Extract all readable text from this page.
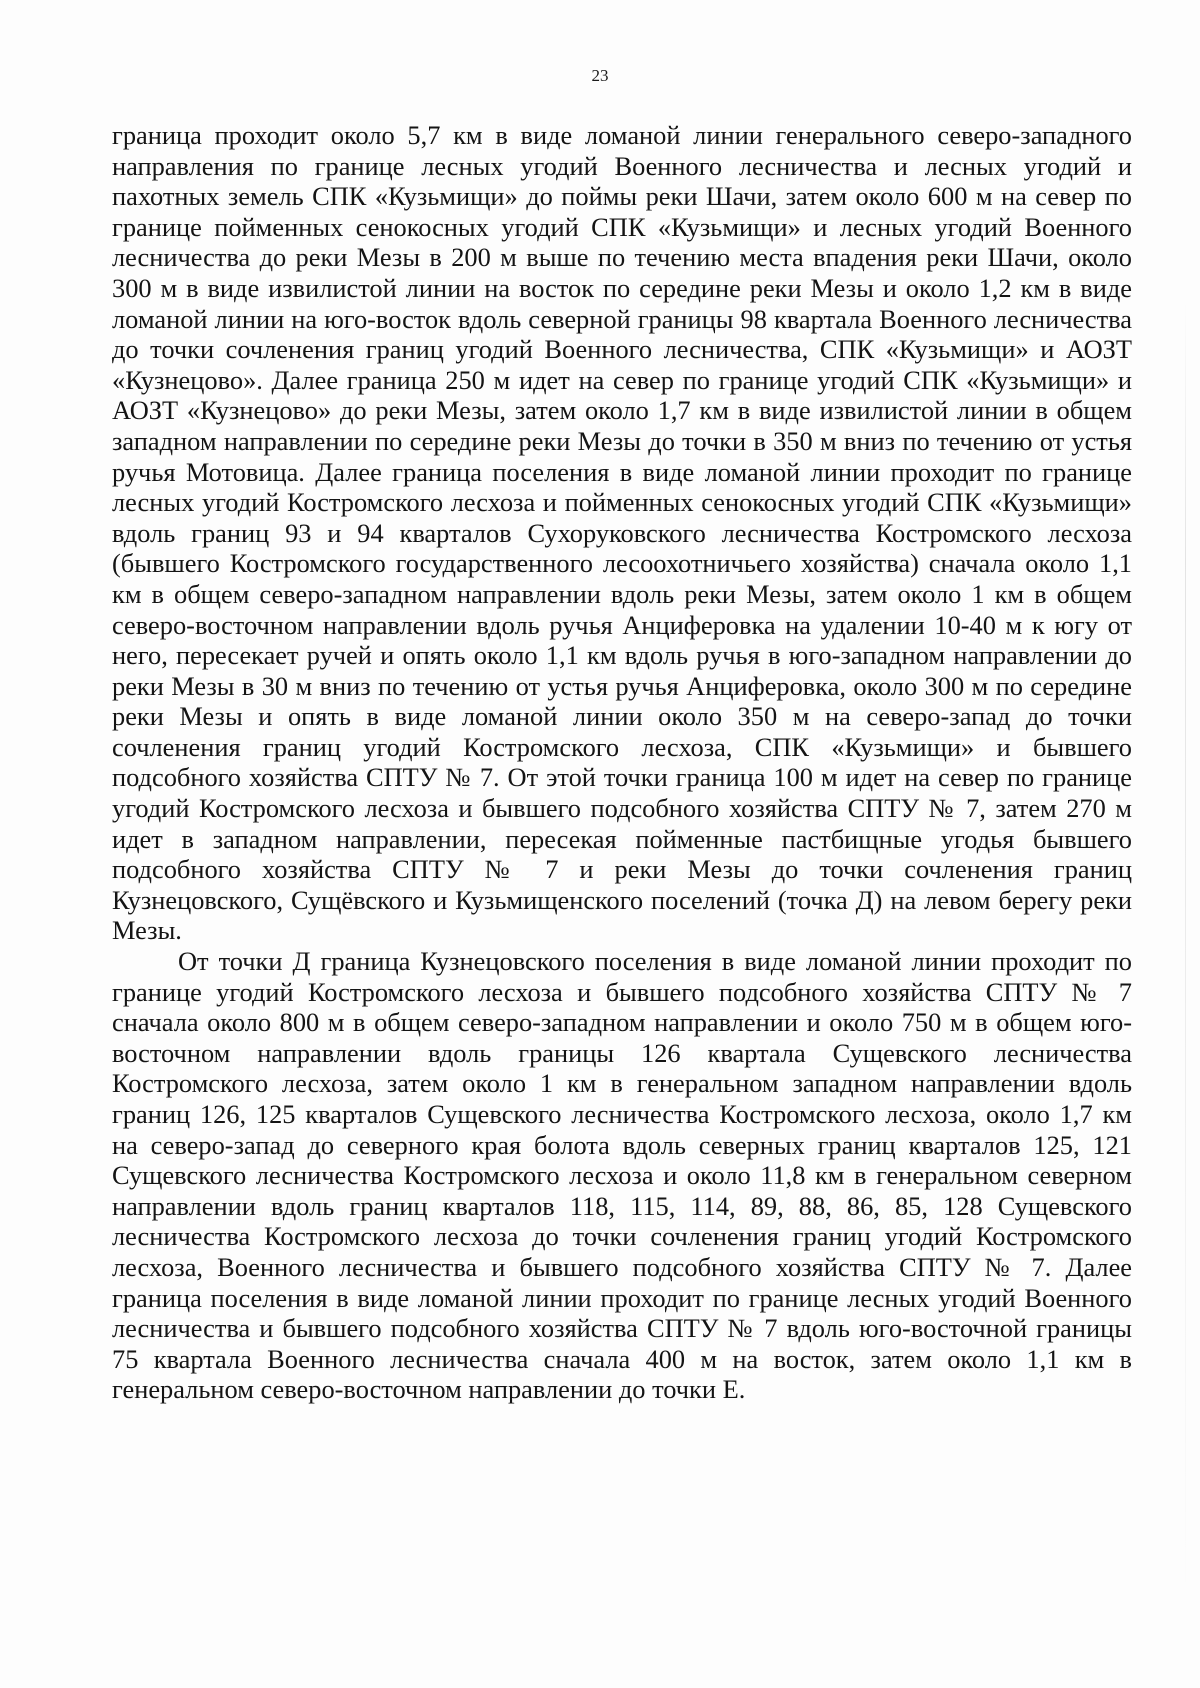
23

граница проходит около 5,7 км в виде ломаной линии генерального северо-западного направления по границе лесных угодий Военного лесничества и лесных угодий и пахотных земель СПК «Кузьмищи» до поймы реки Шачи, затем около 600 м на север по границе пойменных сенокосных угодий СПК «Кузьмищи» и лесных угодий Военного лесничества до реки Мезы в 200 м выше по течению места впадения реки Шачи, около 300 м в виде извилистой линии на восток по середине реки Мезы и около 1,2 км в виде ломаной линии на юго-восток вдоль северной границы 98 квартала Военного лесничества до точки сочленения границ угодий Военного лесничества, СПК «Кузьмищи» и АОЗТ «Кузнецово». Далее граница 250 м идет на север по границе угодий СПК «Кузьмищи» и АОЗТ «Кузнецово» до реки Мезы, затем около 1,7 км в виде извилистой линии в общем западном направлении по середине реки Мезы до точки в 350 м вниз по течению от устья ручья Мотовица. Далее граница поселения в виде ломаной линии проходит по границе лесных угодий Костромского лесхоза и пойменных сенокосных угодий СПК «Кузьмищи» вдоль границ 93 и 94 кварталов Сухоруковского лесничества Костромского лесхоза (бывшего Костромского государственного лесоохотничьего хозяйства) сначала около 1,1 км в общем северо-западном направлении вдоль реки Мезы, затем около 1 км в общем северо-восточном направлении вдоль ручья Анциферовка на удалении 10-40 м к югу от него, пересекает ручей и опять около 1,1 км вдоль ручья в юго-западном направлении до реки Мезы в 30 м вниз по течению от устья ручья Анциферовка, около 300 м по середине реки Мезы и опять в виде ломаной линии около 350 м на северо-запад до точки сочленения границ угодий Костромского лесхоза, СПК «Кузьмищи» и бывшего подсобного хозяйства СПТУ № 7. От этой точки граница 100 м идет на север по границе угодий Костромского лесхоза и бывшего подсобного хозяйства СПТУ № 7, затем 270 м идет в западном направлении, пересекая пойменные пастбищные угодья бывшего подсобного хозяйства СПТУ № 7 и реки Мезы до точки сочленения границ Кузнецовского, Сущёвского и Кузьмищенского поселений (точка Д) на левом берегу реки Мезы.

От точки Д граница Кузнецовского поселения в виде ломаной линии проходит по границе угодий Костромского лесхоза и бывшего подсобного хозяйства СПТУ № 7 сначала около 800 м в общем северо-западном направлении и около 750 м в общем юго-восточном направлении вдоль границы 126 квартала Сущевского лесничества Костромского лесхоза, затем около 1 км в генеральном западном направлении вдоль границ 126, 125 кварталов Сущевского лесничества Костромского лесхоза, около 1,7 км на северо-запад до северного края болота вдоль северных границ кварталов 125, 121 Сущевского лесничества Костромского лесхоза и около 11,8 км в генеральном северном направлении вдоль границ кварталов 118, 115, 114, 89, 88, 86, 85, 128 Сущевского лесничества Костромского лесхоза до точки сочленения границ угодий Костромского лесхоза, Военного лесничества и бывшего подсобного хозяйства СПТУ № 7. Далее граница поселения в виде ломаной линии проходит по границе лесных угодий Военного лесничества и бывшего подсобного хозяйства СПТУ № 7 вдоль юго-восточной границы 75 квартала Военного лесничества сначала 400 м на восток, затем около 1,1 км в генеральном северо-восточном направлении до точки Е.
